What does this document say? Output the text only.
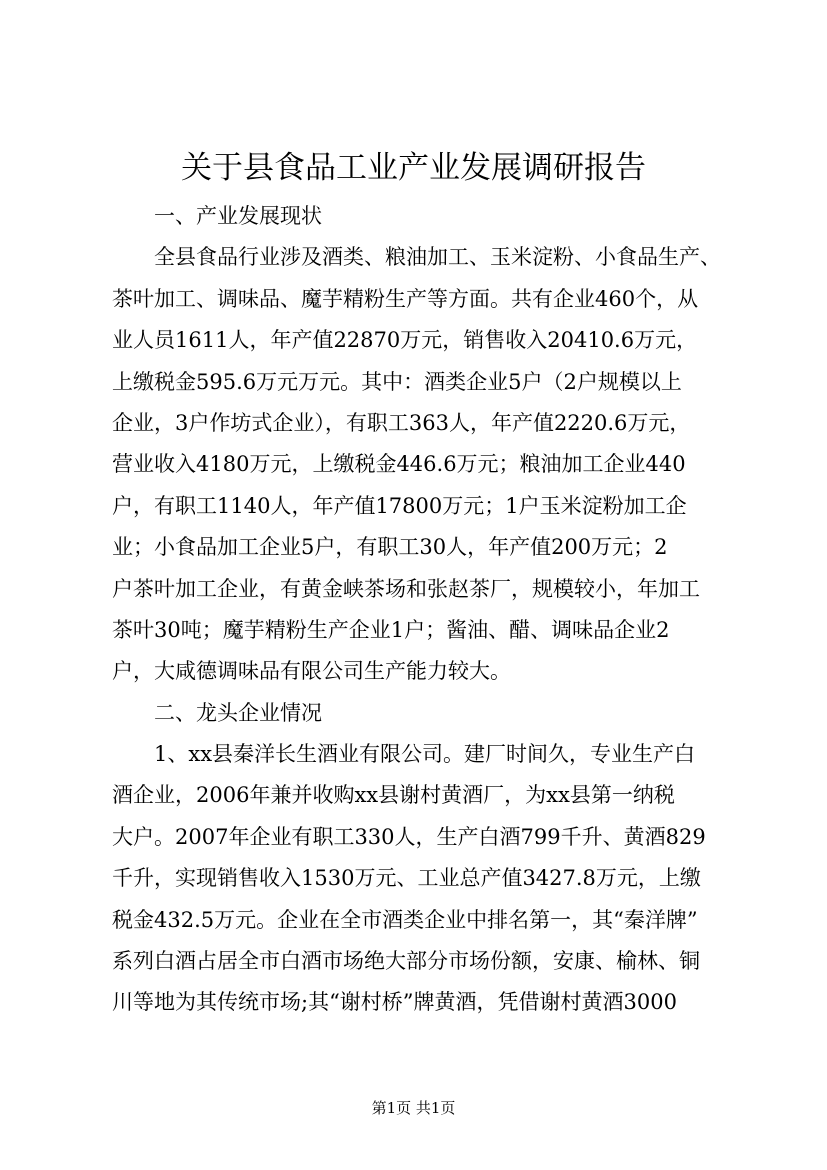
关于县食品工业产业发展调研报告
一、产业发展现状
全县食品行业涉及酒类、粮油加工、玉米淀粉、小食品生产、
茶叶加工、调味品、魔芋精粉生产等方面。共有企业460个，从
业人员1611人，年产值22870万元，销售收入20410.6万元，
上缴税金595.6万元万元。其中：酒类企业5户（2户规模以上
企业，3户作坊式企业），有职工363人，年产值2220.6万元，
营业收入4180万元，上缴税金446.6万元；粮油加工企业440
户，有职工1140人，年产值17800万元；1户玉米淀粉加工企
业；小食品加工企业5户，有职工30人，年产值200万元；2
户茶叶加工企业，有黄金峡茶场和张赵茶厂，规模较小，年加工
茶叶30吨；魔芋精粉生产企业1户；酱油、醋、调味品企业2
户，大咸德调味品有限公司生产能力较大。
二、龙头企业情况
1、xx县秦洋长生酒业有限公司。建厂时间久，专业生产白
酒企业，2006年兼并收购xx县谢村黄酒厂，为xx县第一纳税
大户。2007年企业有职工330人，生产白酒799千升、黄酒829
千升，实现销售收入1530万元、工业总产值3427.8万元，上缴
税金432.5万元。企业在全市酒类企业中排名第一，其“秦洋牌”
系列白酒占居全市白酒市场绝大部分市场份额，安康、榆林、铜
川等地为其传统市场;其“谢村桥”牌黄酒，凭借谢村黄酒3000
第1页 共1页
